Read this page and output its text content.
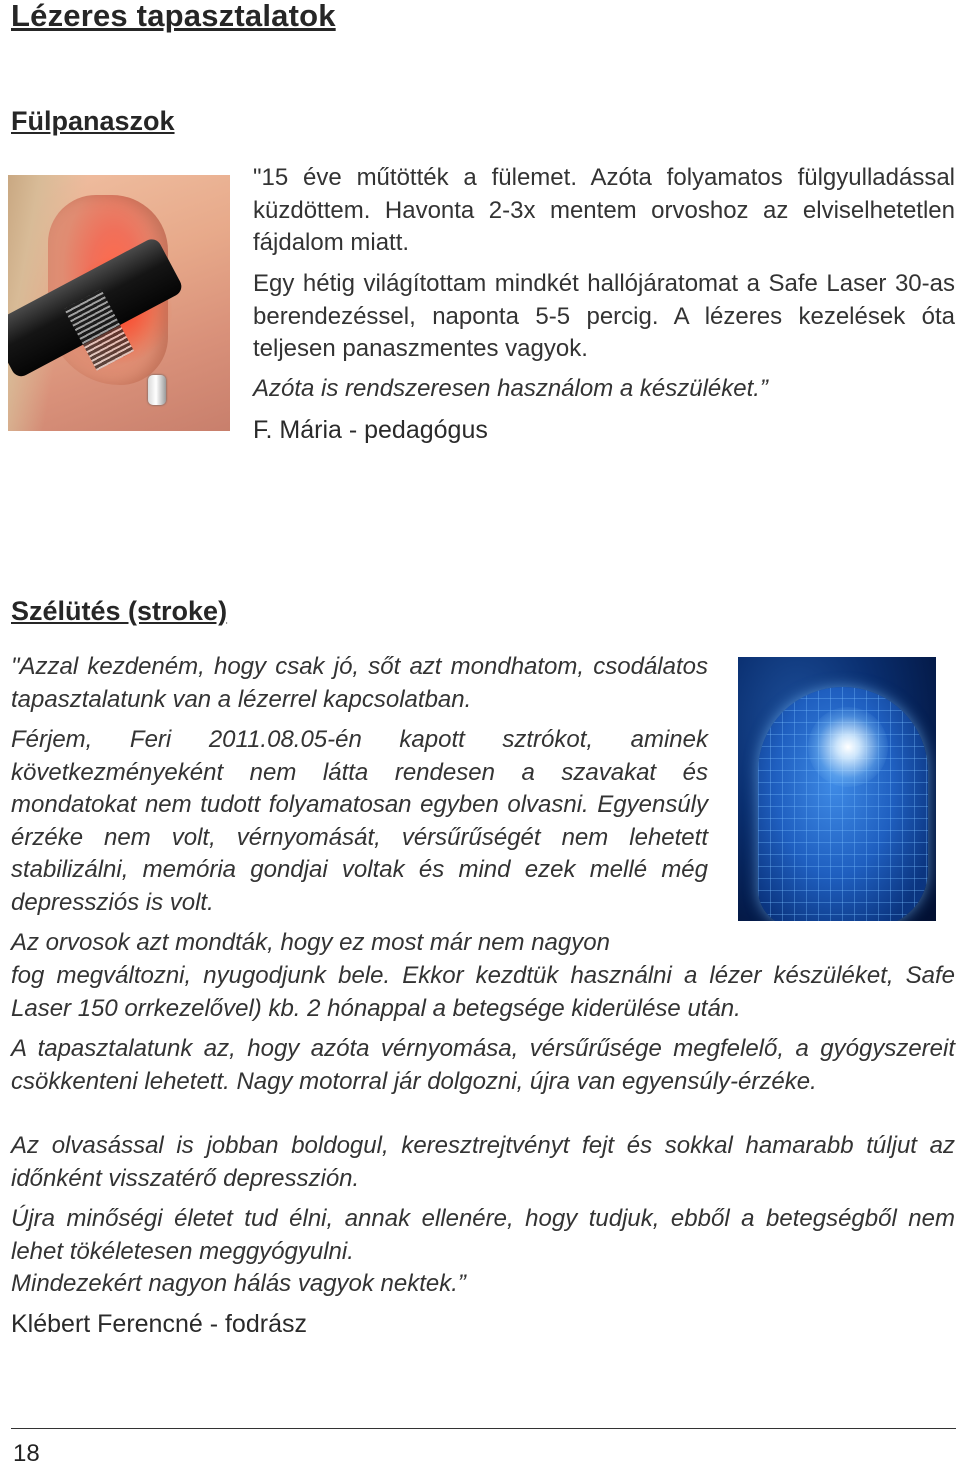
Lézeres tapasztalatok
Fülpanaszok

"15 éve műtötték a fülemet. Azóta folyamatos fülgyulladással küzdöttem. Havonta 2-3x mentem orvoshoz az elviselhetetlen fájdalom miatt.

Egy hétig világítottam mindkét hallójáratomat a Safe Laser 30-as berendezéssel, naponta 5-5 percig. A lézeres kezelések óta teljesen panaszmentes vagyok.

Azóta is rendszeresen használom a készüléket.”

F. Mária - pedagógus

Szélütés (stroke)

"Azzal kezdeném, hogy csak jó, sőt azt mondhatom, csodálatos tapasztalatunk van a lézerrel kapcsolatban.

Férjem, Feri 2011.08.05-én kapott sztrókot, aminek következményeként nem látta rendesen a szavakat és mondatokat nem tudott folyamatosan egyben olvasni. Egyensúly érzéke nem volt, vérnyomását, vérsűrűségét nem lehetett stabilizálni, memória gondjai voltak és mind ezek mellé még depressziós is volt.

Az orvosok azt mondták, hogy ez most már nem nagyon

fog megváltozni, nyugodjunk bele. Ekkor kezdtük használni a lézer készüléket, Safe Laser 150 orrkezelővel) kb. 2 hónappal a betegsége kiderülése után.

A tapasztalatunk az, hogy azóta vérnyomása, vérsűrűsége megfelelő, a gyógyszereit csökkenteni lehetett. Nagy motorral jár dolgozni, újra van egyensúly-érzéke.

Az olvasással is jobban boldogul, keresztrejtvényt fejt és sokkal hamarabb túljut az időnként visszatérő depresszión.

Újra minőségi életet tud élni, annak ellenére, hogy tudjuk, ebből a betegségből nem lehet tökéletesen meggyógyulni.

Mindezekért nagyon hálás vagyok nektek.”

Klébert Ferencné - fodrász

18
